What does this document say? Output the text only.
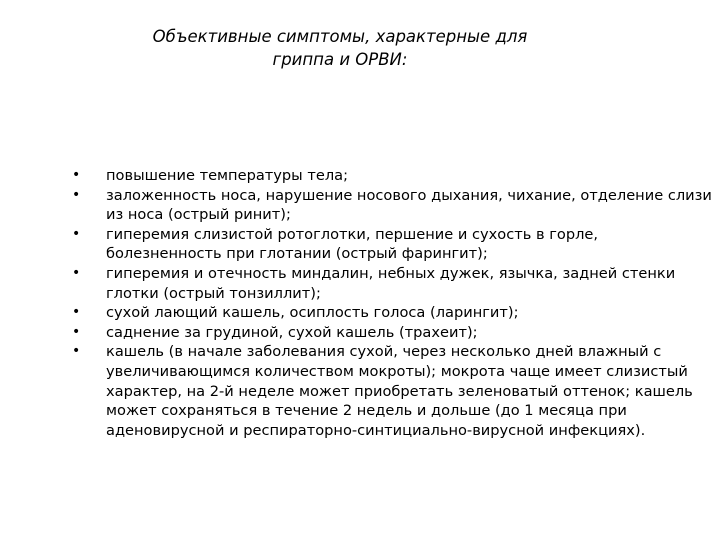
Объективные симптомы, характерные для
гриппа и ОРВИ:
• повышение температуры тела;
• заложенность носа, нарушение носового дыхания, чихание, отделение слизи из носа (острый ринит);
• гиперемия слизистой ротоглотки, першение и сухость в горле, болезненность при глотании (острый фарингит);
• гиперемия и отечность миндалин, небных дужек, язычка, задней стенки глотки (острый тонзиллит);
• сухой лающий кашель, осиплость голоса (ларингит);
• саднение за грудиной, сухой кашель (трахеит);
• кашель (в начале заболевания сухой, через несколько дней влажный с увеличивающимся количеством мокроты); мокрота чаще имеет слизистый характер, на 2-й неделе может приобретать зеленоватый оттенок; кашель может сохраняться в течение 2 недель и дольше (до 1 месяца при аденовирусной и респираторно-синтициально-вирусной инфекциях).
